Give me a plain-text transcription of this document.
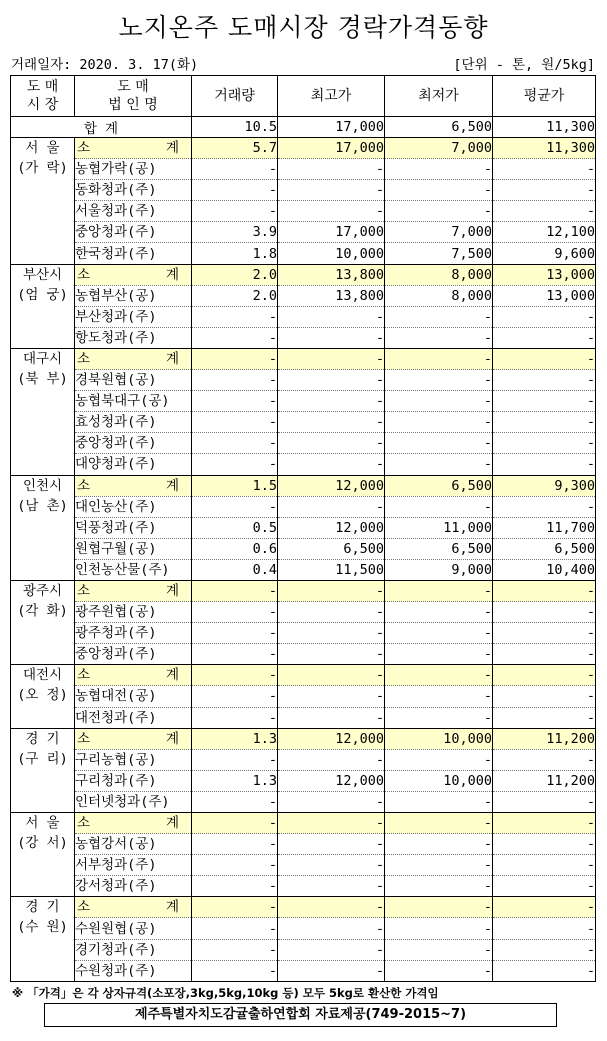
노지온주 도매시장 경락가격동향
거래일자: 2020. 3. 17(화)	[단위 - 톤, 원/5kg]
도 매
시 장	도 매
법 인 명	거래량	최고가	최저가	평균가
합 계		10.5	17,000	6,500	11,300

서 울
(가 락)	소 계	5.7	17,000	7,000	11,300
	농협가락(공)	-	-	-	-
	동화청과(주)	-	-	-	-
	서울청과(주)	-	-	-	-
	중앙청과(주)	3.9	17,000	7,000	12,100
	한국청과(주)	1.8	10,000	7,500	9,600

부산시
(엄 궁)	소 계	2.0	13,800	8,000	13,000
	농협부산(공)	2.0	13,800	8,000	13,000
	부산청과(주)	-	-	-	-
	항도청과(주)	-	-	-	-

대구시
(북 부)	소 계	-	-	-	-
	경북원협(공)	-	-	-	-
	농협북대구(공)	-	-	-	-
	효성청과(주)	-	-	-	-
	중앙청과(주)	-	-	-	-
	대양청과(주)	-	-	-	-

인천시
(남 촌)	소 계	1.5	12,000	6,500	9,300
	대인농산(주)	-	-	-	-
	덕풍청과(주)	0.5	12,000	11,000	11,700
	원협구월(공)	0.6	6,500	6,500	6,500
	인천농산물(주)	0.4	11,500	9,000	10,400

광주시
(각 화)	소 계	-	-	-	-
	광주원협(공)	-	-	-	-
	광주청과(주)	-	-	-	-
	중앙청과(주)	-	-	-	-

대전시
(오 정)	소 계	-	-	-	-
	농협대전(공)	-	-	-	-
	대전청과(주)	-	-	-	-

경 기
(구 리)	소 계	1.3	12,000	10,000	11,200
	구리농협(공)	-	-	-	-
	구리청과(주)	1.3	12,000	10,000	11,200
	인터넷청과(주)	-	-	-	-

서 울
(강 서)	소 계	-	-	-	-
	농협강서(공)	-	-	-	-
	서부청과(주)	-	-	-	-
	강서청과(주)	-	-	-	-

경 기
(수 원)	소 계	-	-	-	-
	수원원협(공)	-	-	-	-
	경기청과(주)	-	-	-	-
	수원청과(주)	-	-	-	-
※ 「가격」은 각 상자규격(소포장,3kg,5kg,10kg 등) 모두 5kg로 환산한 가격임
제주특별자치도감귤출하연합회 자료제공(749-2015~7)
